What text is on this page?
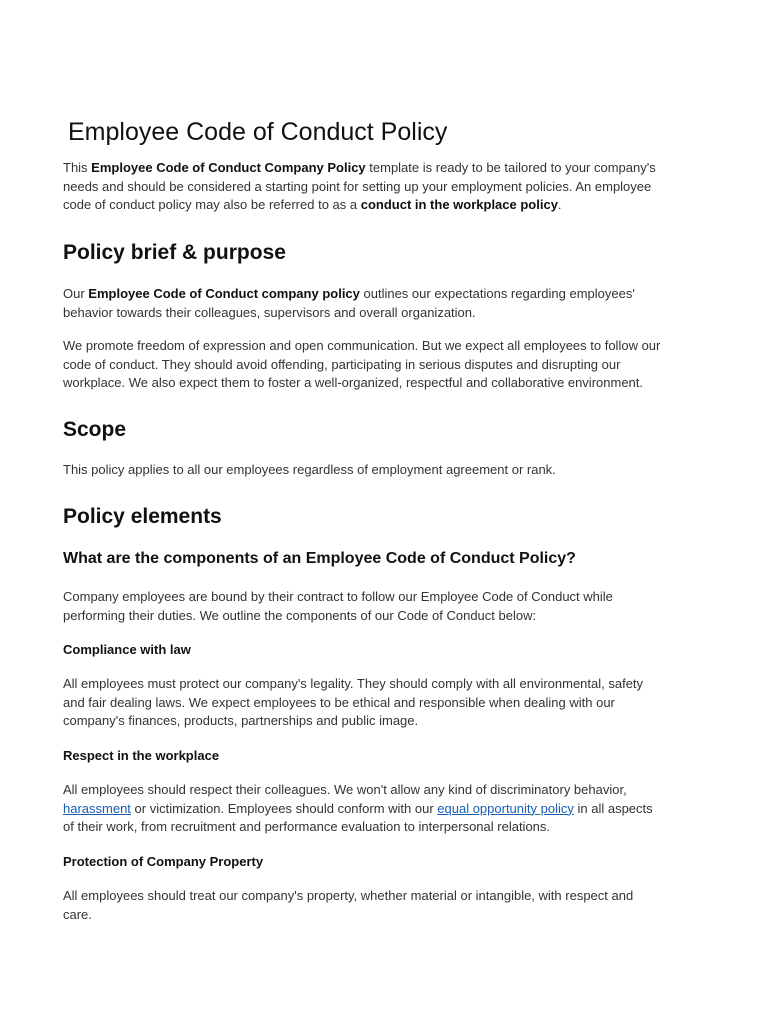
Employee Code of Conduct Policy

This Employee Code of Conduct Company Policy template is ready to be tailored to your company's
needs and should be considered a starting point for setting up your employment policies. An employee
code of conduct policy may also be referred to as a conduct in the workplace policy.

Policy brief & purpose

Our Employee Code of Conduct company policy outlines our expectations regarding employees'
behavior towards their colleagues, supervisors and overall organization.

We promote freedom of expression and open communication. But we expect all employees to follow our
code of conduct. They should avoid offending, participating in serious disputes and disrupting our
workplace. We also expect them to foster a well-organized, respectful and collaborative environment.

Scope

This policy applies to all our employees regardless of employment agreement or rank.

Policy elements
What are the components of an Employee Code of Conduct Policy?

Company employees are bound by their contract to follow our Employee Code of Conduct while
performing their duties. We outline the components of our Code of Conduct below:

Compliance with law

All employees must protect our company's legality. They should comply with all environmental, safety
and fair dealing laws. We expect employees to be ethical and responsible when dealing with our
company's finances, products, partnerships and public image.

Respect in the workplace

All employees should respect their colleagues. We won't allow any kind of discriminatory behavior,
harassment or victimization. Employees should conform with our equal opportunity policy in all aspects
of their work, from recruitment and performance evaluation to interpersonal relations.

Protection of Company Property

All employees should treat our company's property, whether material or intangible, with respect and
care.
